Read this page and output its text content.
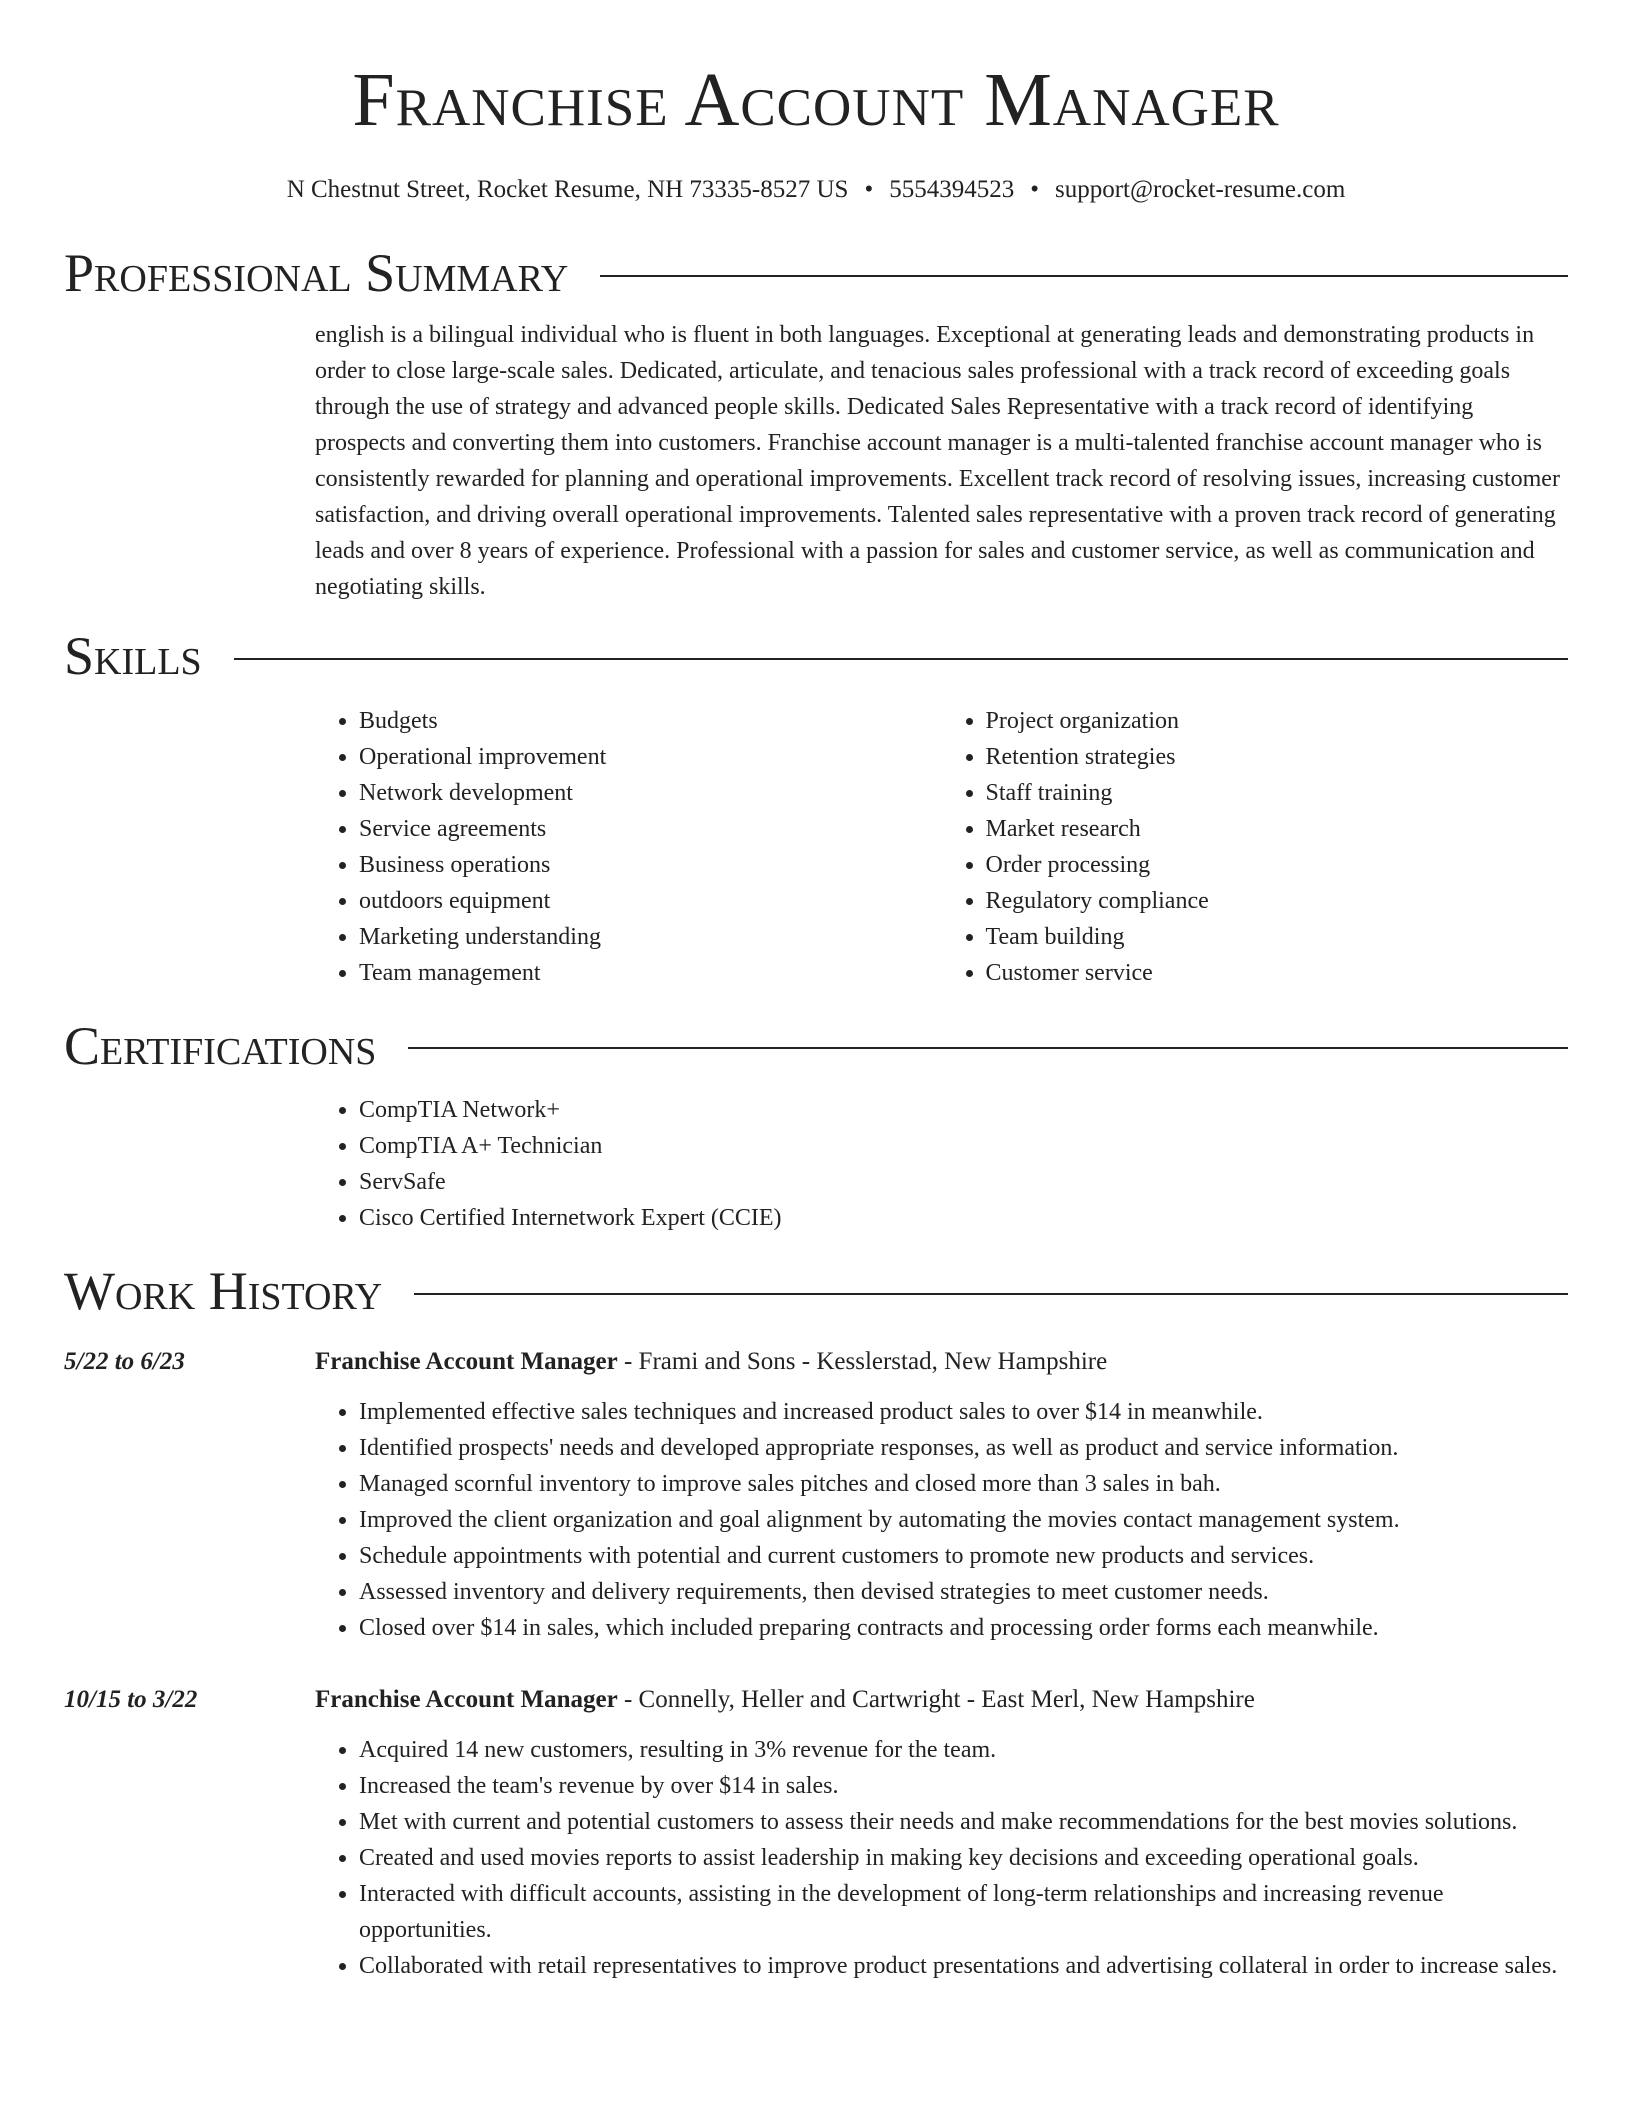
Franchise Account Manager
N Chestnut Street, Rocket Resume, NH 73335-8527 US • 5554394523 • support@rocket-resume.com
Professional Summary
english is a bilingual individual who is fluent in both languages. Exceptional at generating leads and demonstrating products in order to close large-scale sales. Dedicated, articulate, and tenacious sales professional with a track record of exceeding goals through the use of strategy and advanced people skills. Dedicated Sales Representative with a track record of identifying prospects and converting them into customers. Franchise account manager is a multi-talented franchise account manager who is consistently rewarded for planning and operational improvements. Excellent track record of resolving issues, increasing customer satisfaction, and driving overall operational improvements. Talented sales representative with a proven track record of generating leads and over 8 years of experience. Professional with a passion for sales and customer service, as well as communication and negotiating skills.
Skills
• Budgets
• Operational improvement
• Network development
• Service agreements
• Business operations
• outdoors equipment
• Marketing understanding
• Team management
• Project organization
• Retention strategies
• Staff training
• Market research
• Order processing
• Regulatory compliance
• Team building
• Customer service
Certifications
• CompTIA Network+
• CompTIA A+ Technician
• ServSafe
• Cisco Certified Internetwork Expert (CCIE)
Work History
5/22 to 6/23	Franchise Account Manager - Frami and Sons - Kesslerstad, New Hampshire
• Implemented effective sales techniques and increased product sales to over $14 in meanwhile.
• Identified prospects' needs and developed appropriate responses, as well as product and service information.
• Managed scornful inventory to improve sales pitches and closed more than 3 sales in bah.
• Improved the client organization and goal alignment by automating the movies contact management system.
• Schedule appointments with potential and current customers to promote new products and services.
• Assessed inventory and delivery requirements, then devised strategies to meet customer needs.
• Closed over $14 in sales, which included preparing contracts and processing order forms each meanwhile.
10/15 to 3/22	Franchise Account Manager - Connelly, Heller and Cartwright - East Merl, New Hampshire
• Acquired 14 new customers, resulting in 3% revenue for the team.
• Increased the team's revenue by over $14 in sales.
• Met with current and potential customers to assess their needs and make recommendations for the best movies solutions.
• Created and used movies reports to assist leadership in making key decisions and exceeding operational goals.
• Interacted with difficult accounts, assisting in the development of long-term relationships and increasing revenue opportunities.
• Collaborated with retail representatives to improve product presentations and advertising collateral in order to increase sales.
